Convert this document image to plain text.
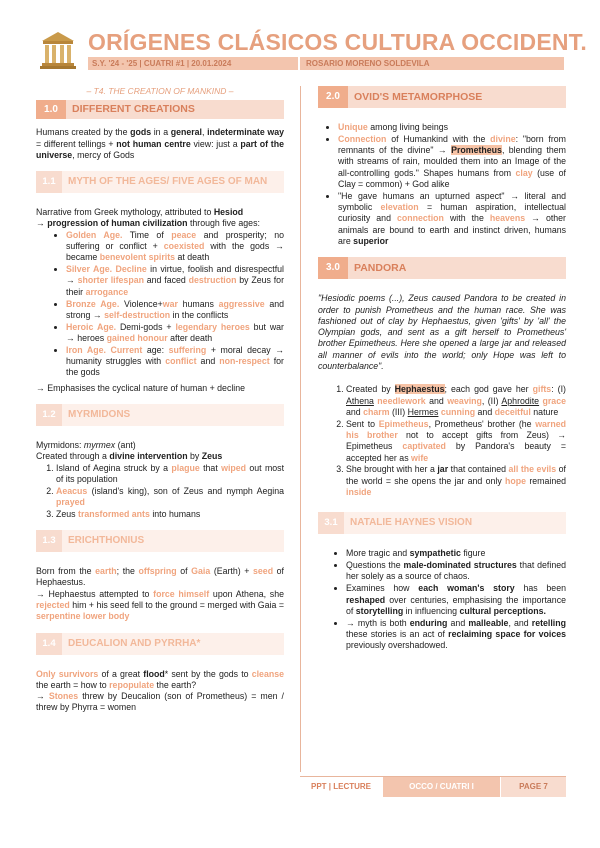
ORÍGENES CLÁSICOS CULTURA OCCIDENT.
S.Y. '24 - '25 | CUATRI #1 | 20.01.2024	ROSARIO MORENO SOLDEVILA
– T4. THE CREATION OF MANKIND –
1.0	DIFFERENT CREATIONS

Humans created by the gods in a general, indeterminate way = different tellings + not human centre view: just a part of the universe, mercy of Gods

1.1	MYTH OF THE AGES/ FIVE AGES OF MAN

Narrative from Greek mythology, attributed to Hesiod
→ progression of human civilization through five ages:

• Golden Age. Time of peace and prosperity; no suffering or conflict + coexisted with the gods → became benevolent spirits at death
• Silver Age. Decline in virtue, foolish and disrespectful → shorter lifespan and faced destruction by Zeus for their arrogance
• Bronze Age. Violence+war humans aggressive and strong → self-destruction in the conflicts
• Heroic Age. Demi-gods + legendary heroes but war → heroes gained honour after death
• Iron Age. Current age: suffering + moral decay → humanity struggles with conflict and non-respect for the gods

→ Emphasises the cyclical nature of human + decline

1.2	MYRMIDONS

Myrmidons: myrmex (ant)
Created through a divine intervention by Zeus

1. Island of Aegina struck by a plague that wiped out most of its population
2. Aeacus (island's king), son of Zeus and nymph Aegina prayed
3. Zeus transformed ants into humans
1.3	ERICHTHONIUS

Born from the earth; the offspring of Gaia (Earth) + seed of Hephaestus.

→ Hephaestus attempted to force himself upon Athena, she rejected him + his seed fell to the ground = merged with Gaia = serpentine lower body

1.4	DEUCALION AND PYRRHA*

Only survivors of a great flood* sent by the gods to cleanse the earth = how to repopulate the earth?

→ Stones threw by Deucalion (son of Prometheus) = men / threw by Phyrra = women

2.0	OVID'S METAMORPHOSE
• Unique among living beings
• Connection of Humankind with the divine: "born from remnants of the divine" → Prometheus, blending them with streams of rain, moulded them into an Image of the all-controlling gods." Shapes humans from clay (use of Clay = common) + God alike
• "He gave humans an upturned aspect" → literal and symbolic elevation = human aspiration, intellectual curiosity and connection with the heavens → other animals are bound to earth and instinct driven, humans are superior
3.0	PANDORA

"Hesiodic poems (...), Zeus caused Pandora to be created in order to punish Prometheus and the human race. She was fashioned out of clay by Hephaestus, given 'gifts' by 'all' the Olympian gods, and sent as a gift herself to Prometheus' brother Epimetheus. Here she opened a large jar and released all manner of evils into the world; only Hope was left to counterbalance".

1. Created by Hephaestus; each god gave her gifts: (I) Athena needlework and weaving, (II) Aphrodite grace and charm (III) Hermes cunning and deceitful nature
2. Sent to Epimetheus, Prometheus' brother (he warned his brother not to accept gifts from Zeus) → Epimetheus captivated by Pandora's beauty = accepted her as wife
3. She brought with her a jar that contained all the evils of the world = she opens the jar and only hope remained inside
3.1	NATALIE HAYNES VISION
• More tragic and sympathetic figure
• Questions the male-dominated structures that defined her solely as a source of chaos.
• Examines how each woman's story has been reshaped over centuries, emphasising the importance of storytelling in influencing cultural perceptions.
• → myth is both enduring and malleable, and retelling these stories is an act of reclaiming space for voices previously overshadowed.
PPT | LECTURE	OCCO / CUATRI I	PAGE 7
